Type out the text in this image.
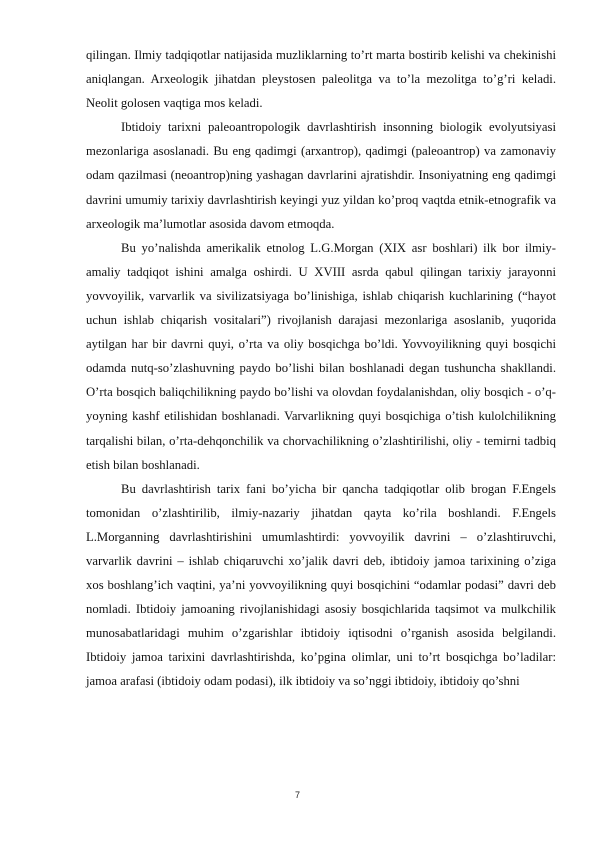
qilingan. Ilmiy tadqiqotlar natijasida muzliklarning to’rt marta bostirib kelishi va chekinishi aniqlangan. Arxeologik jihatdan pleystosen paleolitga va to’la mezolitga to’g’ri keladi. Neolit golosen vaqtiga mos keladi.

Ibtidoiy tarixni paleoantropologik davrlashtirish insonning biologik evolyutsiyasi mezonlariga asoslanadi. Bu eng qadimgi (arxantrop), qadimgi (paleoantrop) va zamonaviy odam qazilmasi (neoantrop)ning yashagan davrlarini ajratishdir. Insoniyatning eng qadimgi davrini umumiy tarixiy davrlashtirish keyingi yuz yildan ko’proq vaqtda etnik-etnografik va arxeologik ma’lumotlar asosida davom etmoqda.

Bu yo’nalishda amerikalik etnolog L.G.Morgan (XIX asr boshlari) ilk bor ilmiy- amaliy tadqiqot ishini amalga oshirdi. U XVIII asrda qabul qilingan tarixiy jarayonni yovvoyilik, varvarlik va sivilizatsiyaga bo’linishiga, ishlab chiqarish kuchlarining (“hayot uchun ishlab chiqarish vositalari”) rivojlanish darajasi mezonlariga asoslanib, yuqorida aytilgan har bir davrni quyi, o’rta va oliy bosqichga bo’ldi. Yovvoyilikning quyi bosqichi odamda nutq-so’zlashuvning paydo bo’lishi bilan boshlanadi degan tushuncha shakllandi. O’rta bosqich baliqchilikning paydo bo’lishi va olovdan foydalanishdan, oliy bosqich - o’q-yoyning kashf etilishidan boshlanadi. Varvarlikning quyi bosqichiga o’tish kulolchilikning tarqalishi bilan, o’rta-dehqonchilik va chorvachilikning o’zlashtirilishi, oliy - temirni tadbiq etish bilan boshlanadi.

Bu davrlashtirish tarix fani bo’yicha bir qancha tadqiqotlar olib brogan F.Engels tomonidan o’zlashtirilib, ilmiy-nazariy jihatdan qayta ko’rila boshlandi. F.Engels L.Morganning davrlashtirishini umumlashtirdi: yovvoyilik davrini – o’zlashtiruvchi, varvarlik davrini – ishlab chiqaruvchi xo’jalik davri deb, ibtidoiy jamoa tarixining o’ziga xos boshlang’ich vaqtini, ya’ni yovvoyilikning quyi bosqichini “odamlar podasi” davri deb nomladi. Ibtidoiy jamoaning rivojlanishidagi asosiy bosqichlarida taqsimot va mulkchilik munosabatlaridagi muhim o’zgarishlar ibtidoiy iqtisodni o’rganish asosida belgilandi. Ibtidoiy jamoa tarixini davrlashtirishda, ko’pgina olimlar, uni to’rt bosqichga bo’ladilar: jamoa arafasi (ibtidoiy odam podasi), ilk ibtidoiy va so’nggi ibtidoiy, ibtidoiy qo’shni

7
